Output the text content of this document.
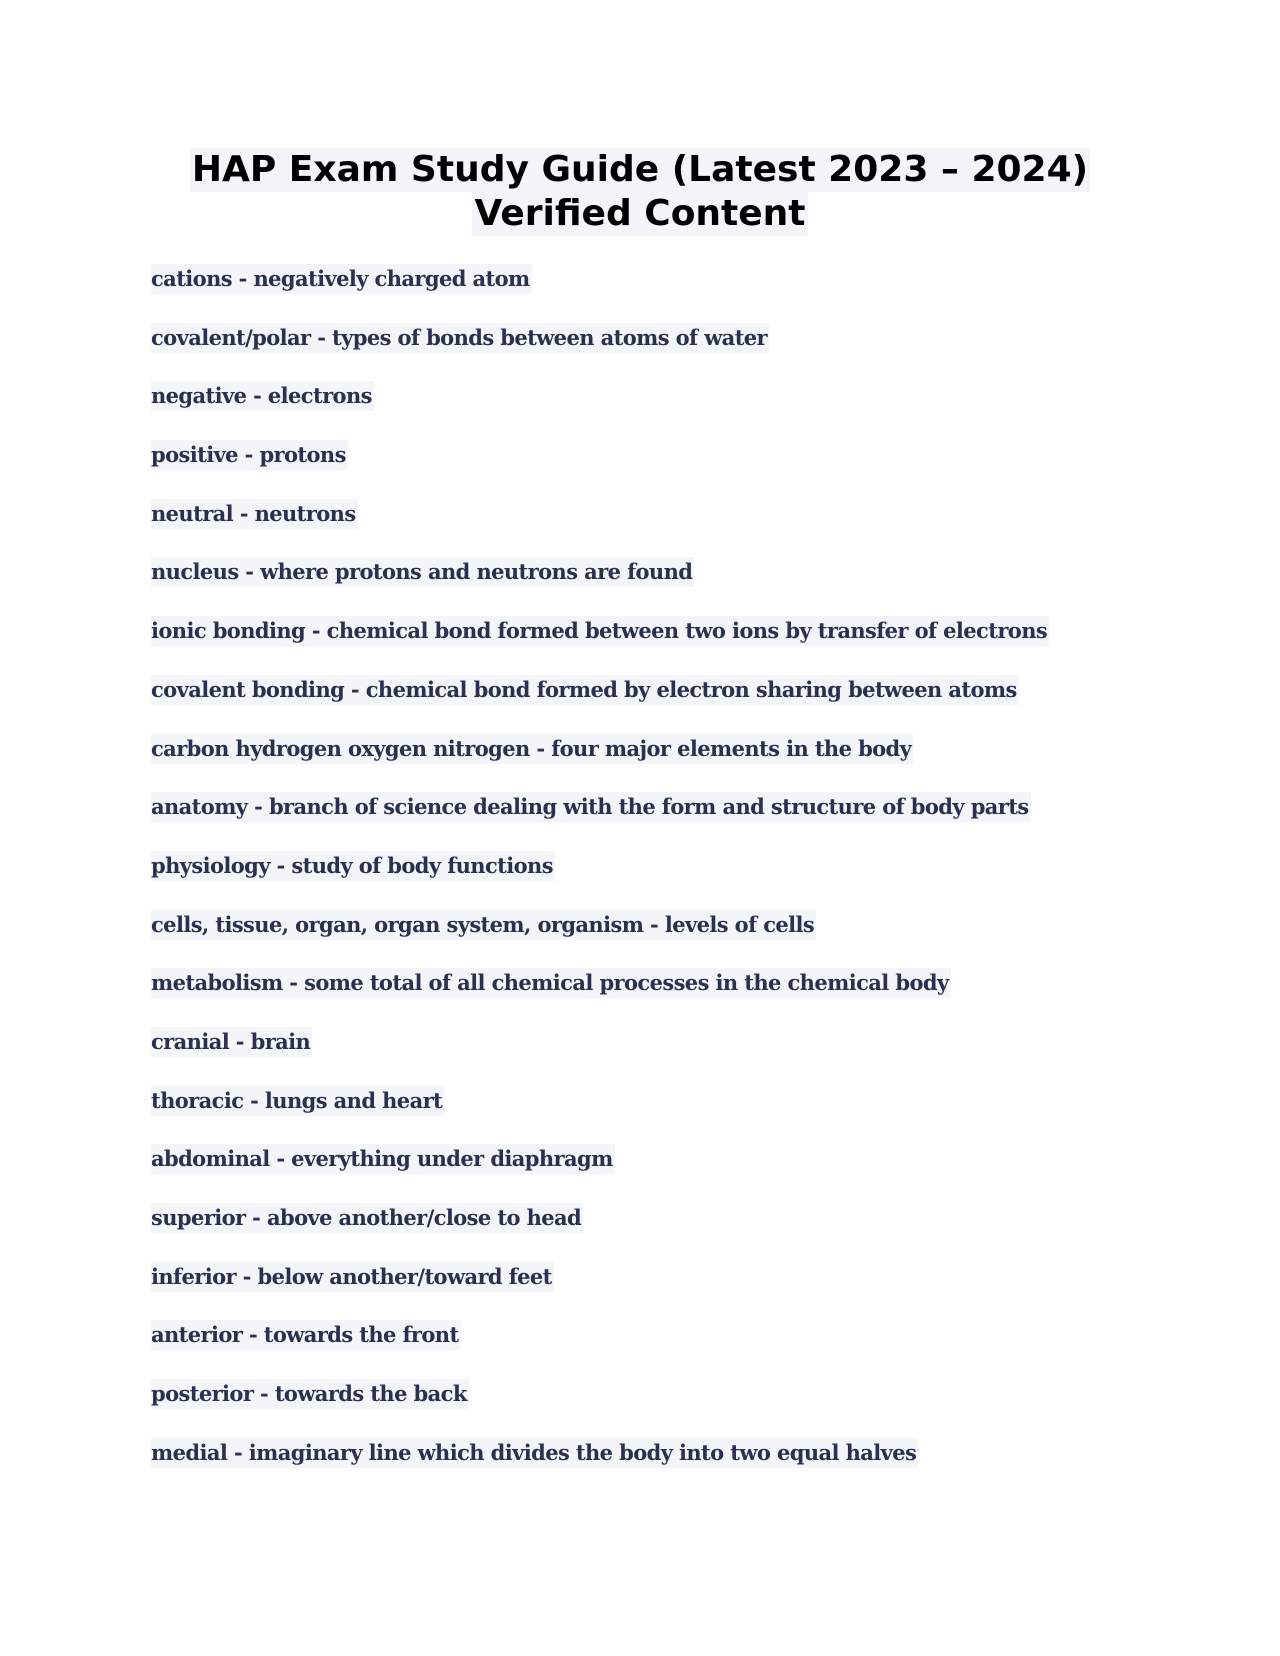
HAP Exam Study Guide (Latest 2023 – 2024)
Verified Content
cations - negatively charged atom
covalent/polar - types of bonds between atoms of water
negative - electrons
positive - protons
neutral - neutrons
nucleus - where protons and neutrons are found
ionic bonding - chemical bond formed between two ions by transfer of electrons
covalent bonding - chemical bond formed by electron sharing between atoms
carbon hydrogen oxygen nitrogen - four major elements in the body
anatomy - branch of science dealing with the form and structure of body parts
physiology - study of body functions
cells, tissue, organ, organ system, organism - levels of cells
metabolism - some total of all chemical processes in the chemical body
cranial - brain
thoracic - lungs and heart
abdominal - everything under diaphragm
superior - above another/close to head
inferior - below another/toward feet
anterior - towards the front
posterior - towards the back
medial - imaginary line which divides the body into two equal halves
